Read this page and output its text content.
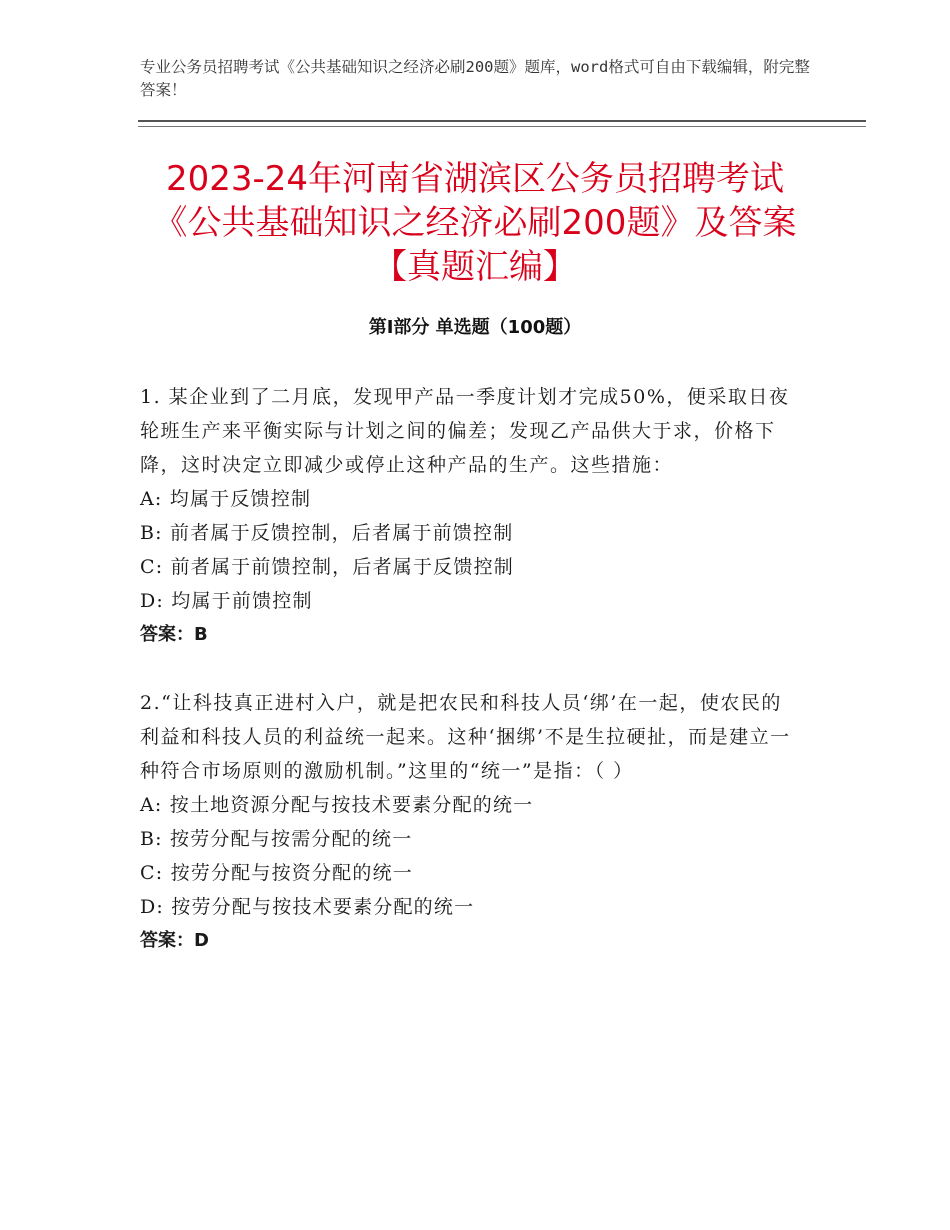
专业公务员招聘考试《公共基础知识之经济必刷200题》题库，word格式可自由下载编辑，附完整答案！
2023-24年河南省湖滨区公务员招聘考试
《公共基础知识之经济必刷200题》及答案
【真题汇编】
第Ⅰ部分 单选题（100题）
1. 某企业到了二月底，发现甲产品一季度计划才完成50%，便采取日夜轮班生产来平衡实际与计划之间的偏差；发现乙产品供大于求，价格下降，这时决定立即减少或停止这种产品的生产。这些措施：
A: 均属于反馈控制
B: 前者属于反馈控制，后者属于前馈控制
C: 前者属于前馈控制，后者属于反馈控制
D: 均属于前馈控制
答案：B
2.“让科技真正进村入户，就是把农民和科技人员‘绑’在一起，使农民的利益和科技人员的利益统一起来。这种‘捆绑’不是生拉硬扯，而是建立一种符合市场原则的激励机制。”这里的“统一”是指：（ ）
A: 按土地资源分配与按技术要素分配的统一
B: 按劳分配与按需分配的统一
C: 按劳分配与按资分配的统一
D: 按劳分配与按技术要素分配的统一
答案：D
